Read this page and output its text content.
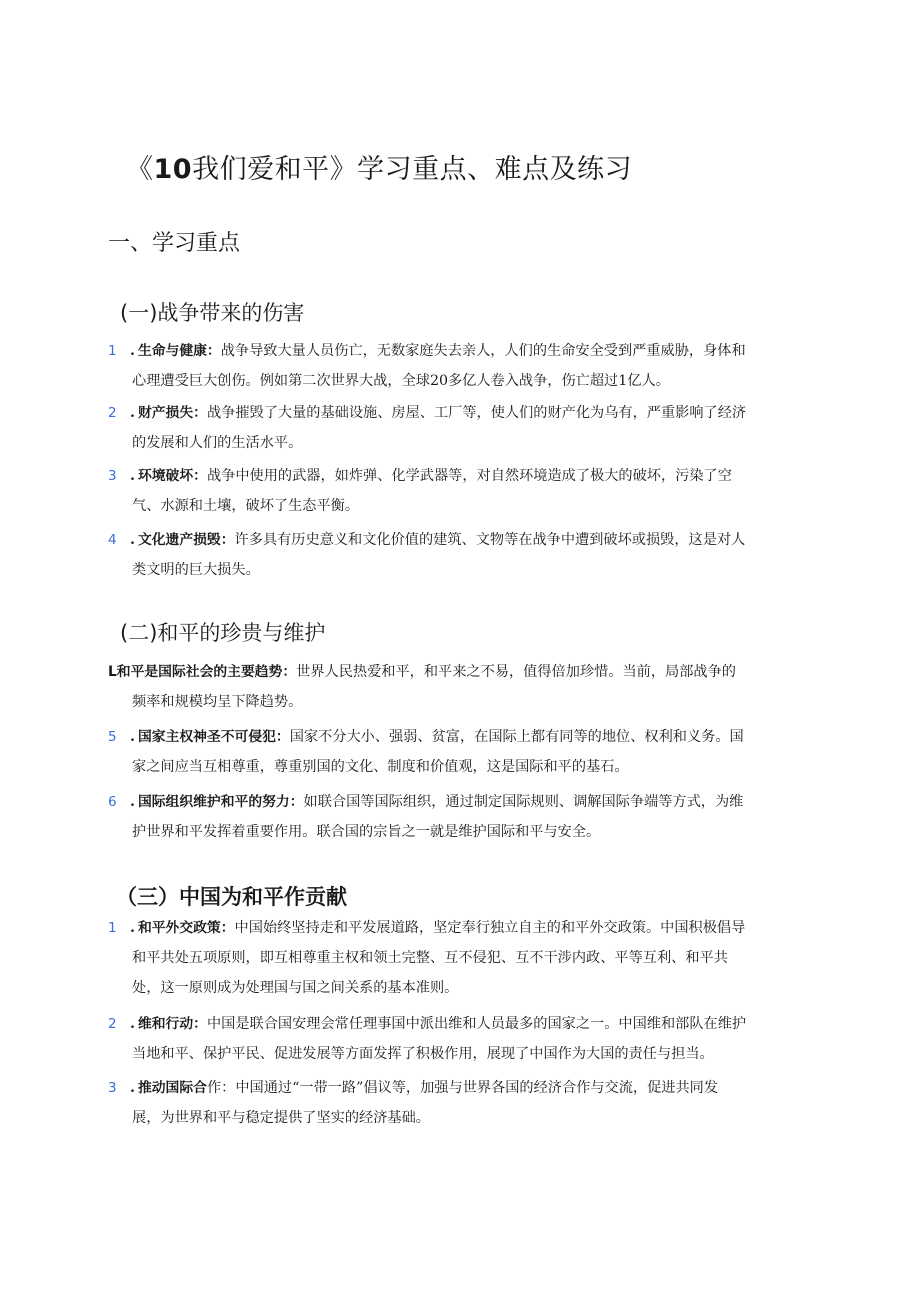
《10我们爱和平》学习重点、难点及练习
一、学习重点
(一)战争带来的伤害
1 . 生命与健康：战争导致大量人员伤亡，无数家庭失去亲人，人们的生命安全受到严重威胁，身体和
心理遭受巨大创伤。例如第二次世界大战，全球20多亿人卷入战争，伤亡超过1亿人。
2 . 财产损失：战争摧毁了大量的基础设施、房屋、工厂等，使人们的财产化为乌有，严重影响了经济
的发展和人们的生活水平。
3 . 环境破坏：战争中使用的武器，如炸弹、化学武器等，对自然环境造成了极大的破坏，污染了空
气、水源和土壤，破坏了生态平衡。
4 . 文化遗产损毁：许多具有历史意义和文化价值的建筑、文物等在战争中遭到破坏或损毁，这是对人
类文明的巨大损失。
(二)和平的珍贵与维护
L和平是国际社会的主要趋势：世界人民热爱和平，和平来之不易，值得倍加珍惜。当前，局部战争的
频率和规模均呈下降趋势。
5 . 国家主权神圣不可侵犯：国家不分大小、强弱、贫富，在国际上都有同等的地位、权利和义务。国
家之间应当互相尊重，尊重别国的文化、制度和价值观，这是国际和平的基石。
6 . 国际组织维护和平的努力：如联合国等国际组织，通过制定国际规则、调解国际争端等方式，为维
护世界和平发挥着重要作用。联合国的宗旨之一就是维护国际和平与安全。
（三）中国为和平作贡献
1 . 和平外交政策：中国始终坚持走和平发展道路，坚定奉行独立自主的和平外交政策。中国积极倡导
和平共处五项原则，即互相尊重主权和领土完整、互不侵犯、互不干涉内政、平等互利、和平共
处，这一原则成为处理国与国之间关系的基本准则。
2 . 维和行动：中国是联合国安理会常任理事国中派出维和人员最多的国家之一。中国维和部队在维护
当地和平、保护平民、促进发展等方面发挥了积极作用，展现了中国作为大国的责任与担当。
3 . 推动国际合作：中国通过“一带一路”倡议等，加强与世界各国的经济合作与交流，促进共同发
展，为世界和平与稳定提供了坚实的经济基础。
